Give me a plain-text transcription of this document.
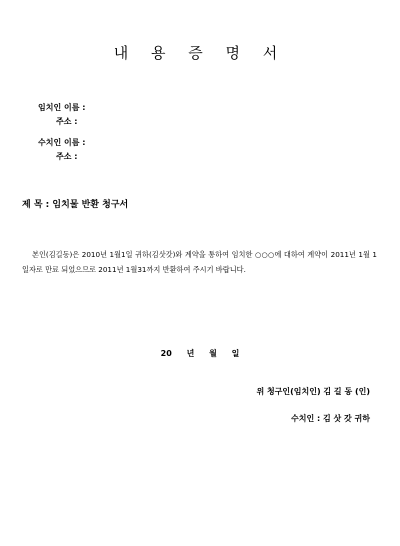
내 용 증 명 서
임치인 이름 :
주소 :
수치인 이름 :
주소 :
제 목 : 임치물 반환 청구서
본인(김길동)은 2010년 1월1일 귀하(김삿갓)와 계약을 통하여 임치한 ○○○에 대하여 계약이 2011년 1월 1일자로 만료 되었으므로 2011년 1월31까지 반환하여 주시기 바랍니다.
20 년 월 일
위 청구인(임치인) 김 길 동 (인)
수치인 : 김 삿 갓 귀하
